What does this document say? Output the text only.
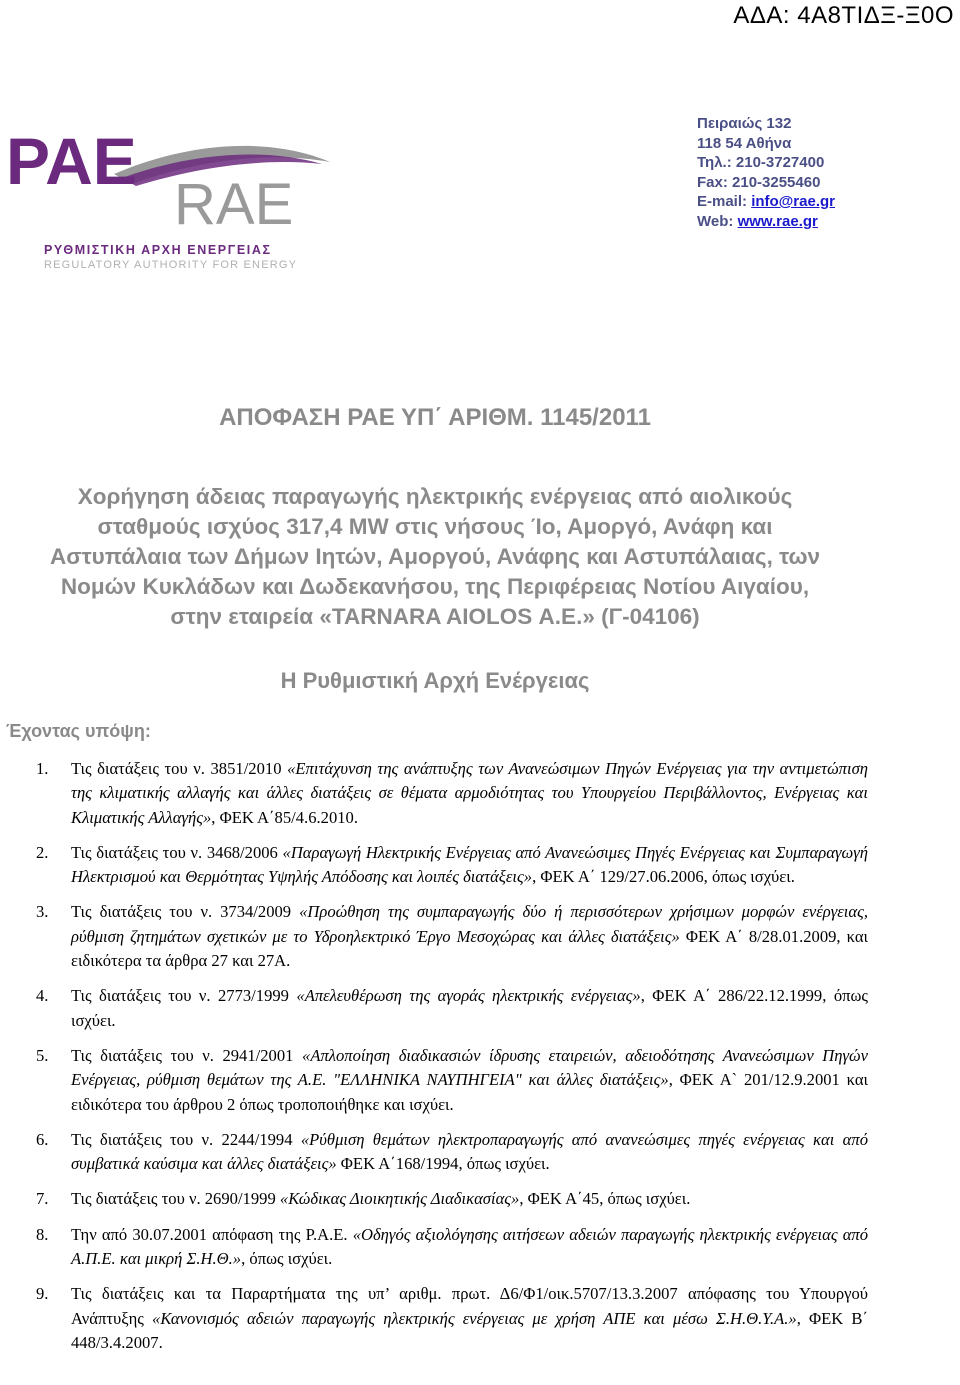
ΑΔΑ: 4Α8ΤΙΔΞ-Ξ0Ο
ΡΑΕ
RAE
ΡΥΘΜΙΣΤΙΚΗ ΑΡΧΗ ΕΝΕΡΓΕΙΑΣ
REGULATORY AUTHORITY FOR ENERGY
Πειραιώς 132
118 54 Αθήνα
Τηλ.: 210-3727400
Fax: 210-3255460
E-mail: info@rae.gr
Web: www.rae.gr
ΑΠΟΦΑΣΗ ΡΑΕ ΥΠ΄ ΑΡΙΘΜ. 1145/2011
Χορήγηση άδειας παραγωγής ηλεκτρικής ενέργειας από αιολικούς
σταθμούς ισχύος 317,4 MW στις νήσους Ίο, Αμοργό, Ανάφη και
Αστυπάλαια των Δήμων Ιητών, Αμοργού, Ανάφης και Αστυπάλαιας, των
Νομών Κυκλάδων και Δωδεκανήσου, της Περιφέρειας Νοτίου Αιγαίου,
στην εταιρεία «TARNARA AIOLOS Α.Ε.» (Γ-04106)
Η Ρυθμιστική Αρχή Ενέργειας
Έχοντας υπόψη:
1.	Τις διατάξεις του ν. 3851/2010 «Επιτάχυνση της ανάπτυξης των Ανανεώσιμων Πηγών Ενέργειας για την αντιμετώπιση της κλιματικής αλλαγής και άλλες διατάξεις σε θέματα αρμοδιότητας του Υπουργείου Περιβάλλοντος, Ενέργειας και Κλιματικής Αλλαγής», ΦΕΚ Α΄85/4.6.2010.
2.	Τις διατάξεις του ν. 3468/2006 «Παραγωγή Ηλεκτρικής Ενέργειας από Ανανεώσιμες Πηγές Ενέργειας και Συμπαραγωγή Ηλεκτρισμού και Θερμότητας Υψηλής Απόδοσης και λοιπές διατάξεις», ΦΕΚ Α΄ 129/27.06.2006, όπως ισχύει.
3.	Τις διατάξεις του ν. 3734/2009 «Προώθηση της συμπαραγωγής δύο ή περισσότερων χρήσιμων μορφών ενέργειας, ρύθμιση ζητημάτων σχετικών με το Υδροηλεκτρικό Έργο Μεσοχώρας και άλλες διατάξεις» ΦΕΚ Α΄ 8/28.01.2009, και ειδικότερα τα άρθρα 27 και 27Α.
4.	Τις διατάξεις του ν. 2773/1999 «Απελευθέρωση της αγοράς ηλεκτρικής ενέργειας», ΦΕΚ Α΄ 286/22.12.1999, όπως ισχύει.
5.	Τις διατάξεις του ν. 2941/2001 «Απλοποίηση διαδικασιών ίδρυσης εταιρειών, αδειοδότησης Ανανεώσιμων Πηγών Ενέργειας, ρύθμιση θεμάτων της Α.Ε. "ΕΛΛΗΝΙΚΑ ΝΑΥΠΗΓΕΙΑ" και άλλες διατάξεις», ΦΕΚ Α` 201/12.9.2001 και ειδικότερα του άρθρου 2 όπως τροποποιήθηκε και ισχύει.
6.	Τις διατάξεις του ν. 2244/1994 «Ρύθμιση θεμάτων ηλεκτροπαραγωγής από ανανεώσιμες πηγές ενέργειας και από συμβατικά καύσιμα και άλλες διατάξεις» ΦΕΚ Α΄168/1994, όπως ισχύει.
7.	Τις διατάξεις του ν. 2690/1999 «Κώδικας Διοικητικής Διαδικασίας», ΦΕΚ Α΄45, όπως ισχύει.
8.	Την από 30.07.2001 απόφαση της Ρ.Α.Ε. «Οδηγός αξιολόγησης αιτήσεων αδειών παραγωγής ηλεκτρικής ενέργειας από Α.Π.Ε. και μικρή Σ.Η.Θ.», όπως ισχύει.
9.	Τις διατάξεις και τα Παραρτήματα της υπ’ αριθμ. πρωτ. Δ6/Φ1/οικ.5707/13.3.2007 απόφασης του Υπουργού Ανάπτυξης «Κανονισμός αδειών παραγωγής ηλεκτρικής ενέργειας με χρήση ΑΠΕ και μέσω Σ.Η.Θ.Υ.Α.», ΦΕΚ Β΄ 448/3.4.2007.
